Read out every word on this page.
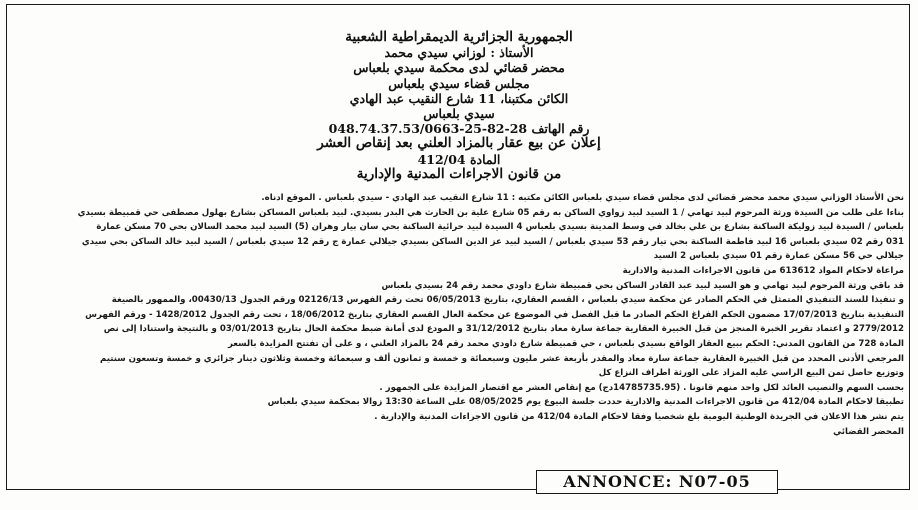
الجمهورية الجزائرية الديمقراطية الشعبية
الأستاذ : لوزاني سيدي محمد
محضر قضائي لدى محكمة سيدي بلعباس
مجلس قضاء سيدي بلعباس
الكائن مكتبنا، 11 شارع النقيب عبد الهادي
سيدي بلعباس
رقم الهاتف 28-82-25-048.74.37.53/0663
إعلان عن بيع عقار بالمزاد العلني بعد إنقاص العشر
المادة 412/04
من قانون الاجراءات المدنية والإدارية
نحن الأستاذ الوزاني سيدي محمد محضر قضائي لدى مجلس قضاء سيدي بلعباس الكائن مكتبه : 11 شارع النقيب عبد الهادي - سيدي بلعباس . الموقع ادناه.
بناءا على طلب من السيدة ورثة المرحوم لبيد تهامي / 1 السيد لبيد زواوي الساكن به رقم 05 شارع علية بن الحارث هي البدر بسيدي. لبيد بلعباس المساكن بشارع بهلول مصطفى حي قمبيطة بسيدي
بلعباس / السيدة لبيد زوليكة الساكنة بشارع بن علي بخالد في وسط المدينة بسيدي بلعباس 4 السيدة لبيد حرائية الساكنة بحي سان بيار وهران (5) السيد لبيد محمد السالان بحي 70 مسكن عمارة
031 رقم 02 سيدي بلعباس 16 لبيد فاطمة الساكنة بحي تيار رقم 53 سيدي بلعباس / السيد لبيد عز الدين الساكن بسيدي جيلالي عمارة ج رقم 12 سيدي بلعباس / السيد لبيد خالد الساكن بحي سيدي
جيلالي حي 56 مسكن عمارة رقم 01 سيدي بلعباس 2 السيد
مراعاة لاحكام المواد 613612 من قانون الاجراءات المدنية والادارية
قد باقي ورثة المرحوم لبيد تهامي و هو السيد لبيد عبد القادر الساكن بحي قمبيطة شارع داودي محمد رقم 24 بسيدي بلعباس
و تنفيذا للسند التنفيذي المتمثل في الحكم الصادر عن محكمة سيدي بلعباس ، القسم العقاري، بتاريخ 06/05/2013 تحت رقم الفهرس 02126/13 ورقم الجدول 00430/13، والممهور بالصيغة
التنفيذية بتاريخ 17/07/2013 مضمون الحكم الفراغ الحكم الصادر ما قبل الفصل في الموضوع عن محكمة العال القسم العقاري بتاريخ 18/06/2012 ، تحت رقم الجدول 1428/2012 - ورقم الفهرس
2779/2012 و اعتماد تقرير الخبرة المنجز من قبل الخبيرة العقارية جماعة سارة معاد بتاريخ 31/12/2012 و المودع لدى أمانة ضبط محكمة الحال بتاريخ 03/01/2013 و بالنتيجة واستنادا إلى نص
المادة 728 من القانون المدني: الحكم ببيع العقار الواقع بسيدي بلعباس ، حي قمبيطة شارع داودي محمد رقم 24 بالمزاد العلني ، و على أن تفتتح المزايدة بالسعر
المرجعي الأدنى المحدد من قبل الخبيرة العقارية جماعة سارة معاد والمقدر بأربعة عشر مليون وسبعمائة و خمسة و ثمانون ألف و سبعمائة وخمسة وثلاثون دينار جزائري و خمسة وتسعون سنتيم
وتوزيع حاصل ثمن البيع الراسي عليه المزاد على الورثة اطراف النزاع كل
بحسب السهم والنصيب العائد لكل واحد منهم قانونا . (14785735.95دج) مع إنقاص العشر مع اقتصار المزايدة على الجمهور .
تطبيقا لاحكام المادة 412/04 من قانون الاجراءات المدنية والادارية حددت جلسة البيوع يوم 08/05/2025 على الساعة 13:30 زوالا بمحكمة سيدي بلعباس
يتم نشر هذا الاعلان في الجريدة الوطنية اليومية بلغ شخصيا وفقا لاحكام المادة 412/04 من قانون الاجراءات المدنية والإدارية .
المحضر القضائي
ANNONCE: N07-05
